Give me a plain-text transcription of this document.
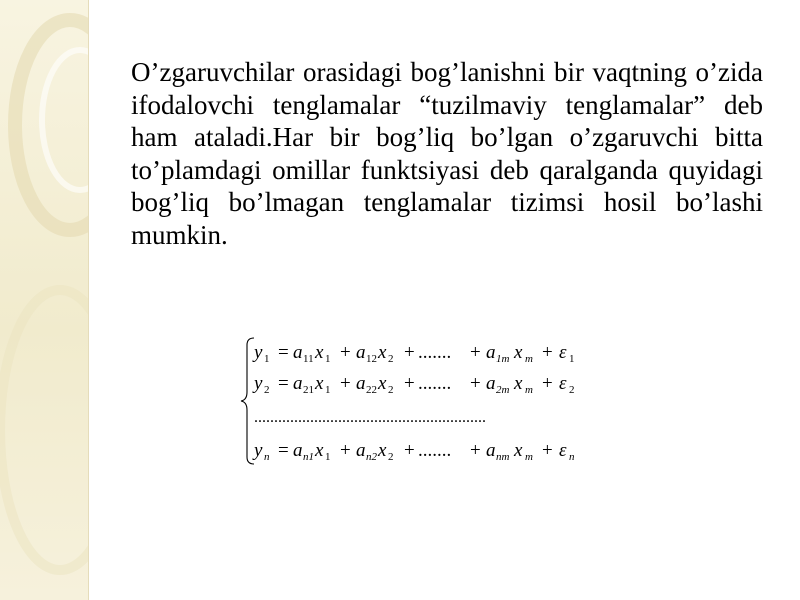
O’zgaruvchilar orasidagi bog’lanishni bir vaqtning o’zida ifodalovchi tenglamalar “tuzilmaviy tenglamalar” deb ham ataladi.Har bir bog’liq bo’lgan o’zgaruvchi bitta to’plamdagi omillar funktsiyasi deb qaralganda quyidagi bog’liq bo’lmagan tenglamalar tizimsi hosil bo’lashi mumkin.

y 1 = a 11 x 1 + a 12 x 2 + ....... + a 1m x m + ε 1
y 2 = a 21 x 1 + a 22 x 2 + ....... + a 2m x m + ε 2
..........................................................
y n = a n1 x 1 + a n2 x 2 + ....... + a nm x m + ε n
